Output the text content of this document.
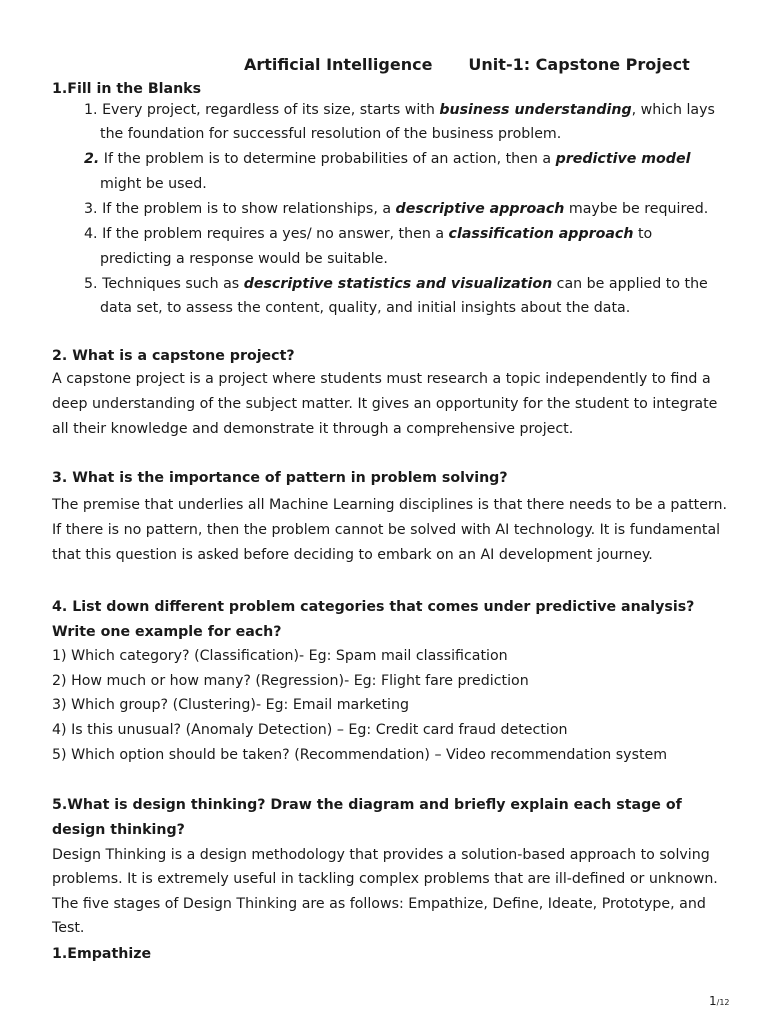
Artificial Intelligence Unit-1: Capstone Project
1.Fill in the Blanks
1. Every project, regardless of its size, starts with business understanding, which lays
the foundation for successful resolution of the business problem.
2. If the problem is to determine probabilities of an action, then a predictive model
might be used.
3. If the problem is to show relationships, a descriptive approach maybe be required.
4. If the problem requires a yes/ no answer, then a classification approach to
predicting a response would be suitable.
5. Techniques such as descriptive statistics and visualization can be applied to the
data set, to assess the content, quality, and initial insights about the data.
2. What is a capstone project?
A capstone project is a project where students must research a topic independently to find a
deep understanding of the subject matter. It gives an opportunity for the student to integrate
all their knowledge and demonstrate it through a comprehensive project.
3. What is the importance of pattern in problem solving?
The premise that underlies all Machine Learning disciplines is that there needs to be a pattern.
If there is no pattern, then the problem cannot be solved with AI technology. It is fundamental
that this question is asked before deciding to embark on an AI development journey.
4. List down different problem categories that comes under predictive analysis?
Write one example for each?
1) Which category? (Classification)- Eg: Spam mail classification
2) How much or how many? (Regression)- Eg: Flight fare prediction
3) Which group? (Clustering)- Eg: Email marketing
4) Is this unusual? (Anomaly Detection) – Eg: Credit card fraud detection
5) Which option should be taken? (Recommendation) – Video recommendation system
5.What is design thinking? Draw the diagram and briefly explain each stage of
design thinking?
Design Thinking is a design methodology that provides a solution-based approach to solving
problems. It is extremely useful in tackling complex problems that are ill-defined or unknown.
The five stages of Design Thinking are as follows: Empathize, Define, Ideate, Prototype, and
Test.
1.Empathize
1/12
